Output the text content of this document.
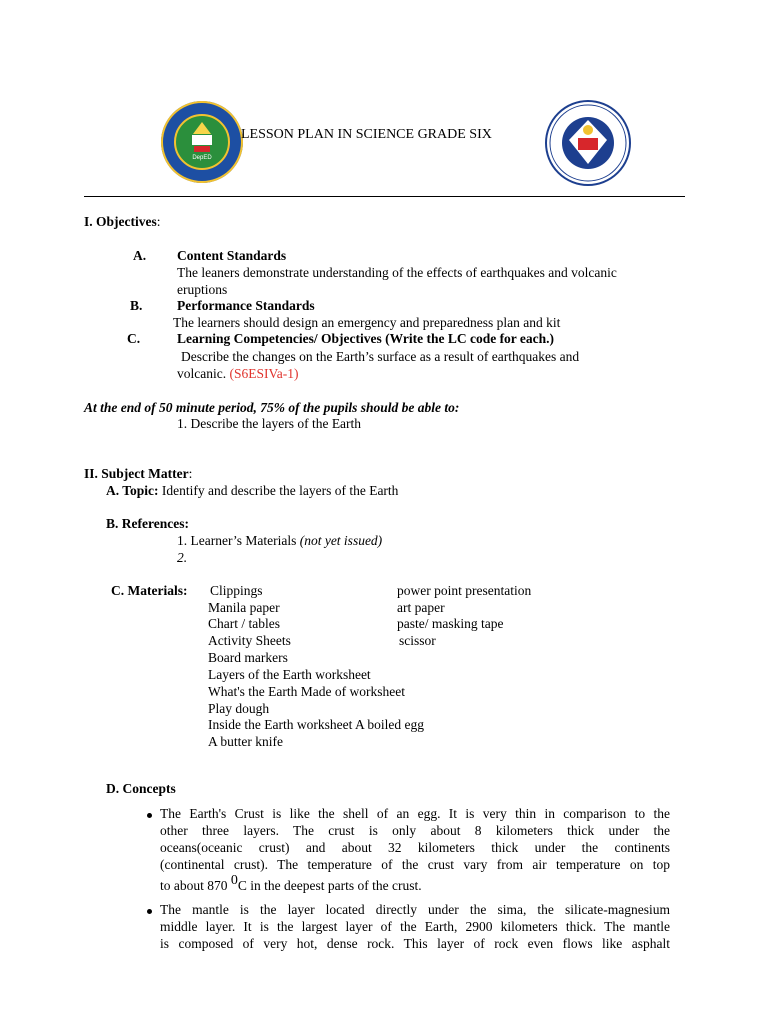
DepED
LESSON PLAN IN SCIENCE GRADE SIX
I. Objectives:
A. Content Standards
The leaners demonstrate understanding of the effects of earthquakes and volcanic
eruptions
B.	Performance Standards
The learners should design an emergency and preparedness plan and kit
C.	Learning Competencies/ Objectives (Write the LC code for each.)
Describe the changes on the Earth’s surface as a result of earthquakes and
volcanic. (S6ESIVa-1)
At the end of 50 minute period, 75% of the pupils should be able to:
1. Describe the layers of the Earth
II. Subject Matter:
A. Topic: Identify and describe the layers of the Earth
B. References:
1. Learner’s Materials (not yet issued)
2.
C. Materials: Clippings
Manila paper
Chart / tables
Activity Sheets
Board markers
Layers of the Earth worksheet
What's the Earth Made of worksheet
Play dough
Inside the Earth worksheet A boiled egg
A butter knife
power point presentation
art paper
paste/ masking tape
scissor
D. Concepts
The Earth's Crust is like the shell of an egg. It is very thin in comparison to the
other three layers. The crust is only about 8 kilometers thick under the
oceans(oceanic crust) and about 32 kilometers thick under the continents
(continental crust). The temperature of the crust vary from air temperature on top
to about 870 0C in the deepest parts of the crust.
The mantle is the layer located directly under the sima, the silicate-magnesium
middle layer. It is the largest layer of the Earth, 2900 kilometers thick. The mantle
is composed of very hot, dense rock. This layer of rock even flows like asphalt
